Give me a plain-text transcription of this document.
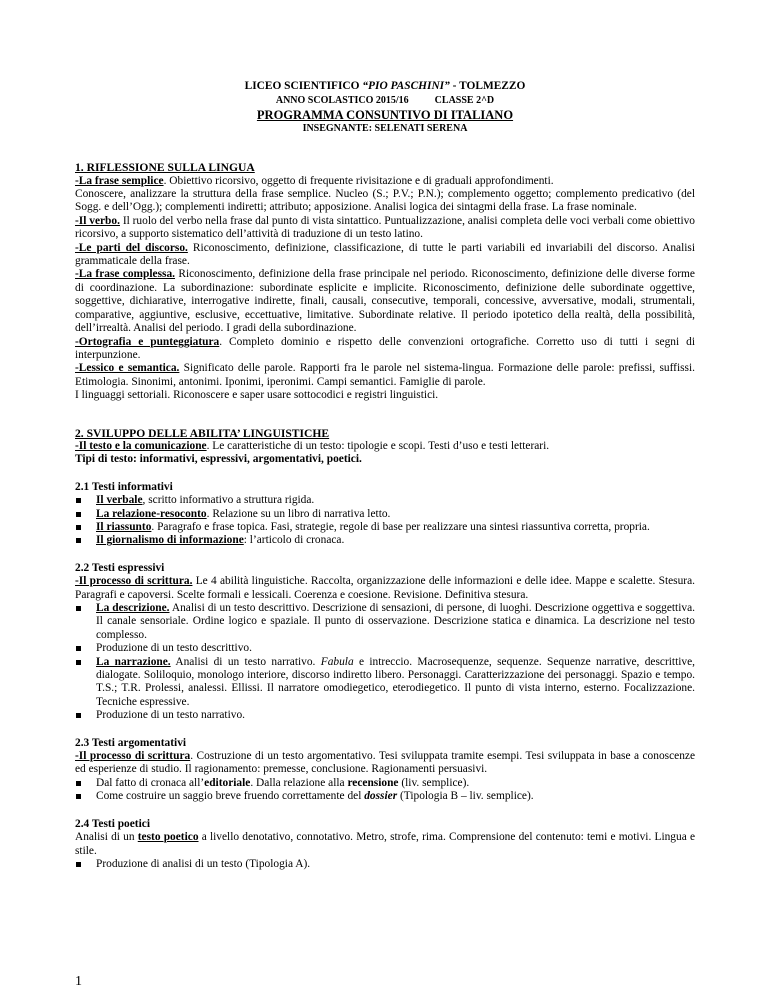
LICEO SCIENTIFICO “PIO PASCHINI” - TOLMEZZO
ANNO SCOLASTICO 2015/16	CLASSE 2^D
PROGRAMMA CONSUNTIVO DI ITALIANO
INSEGNANTE: SELENATI SERENA
1. RIFLESSIONE SULLA LINGUA

-La frase semplice. Obiettivo ricorsivo, oggetto di frequente rivisitazione e di graduali approfondimenti.

Conoscere, analizzare la struttura della frase semplice. Nucleo (S.; P.V.; P.N.); complemento oggetto; complemento predicativo (del Sogg. e dell’Ogg.); complementi indiretti; attributo; apposizione. Analisi logica dei sintagmi della frase. La frase nominale.

-Il verbo. Il ruolo del verbo nella frase dal punto di vista sintattico. Puntualizzazione, analisi completa delle voci verbali come obiettivo ricorsivo, a supporto sistematico dell’attività di traduzione di un testo latino.

-Le parti del discorso. Riconoscimento, definizione, classificazione, di tutte le parti variabili ed invariabili del discorso. Analisi grammaticale della frase.

-La frase complessa. Riconoscimento, definizione della frase principale nel periodo. Riconoscimento, definizione delle diverse forme di coordinazione. La subordinazione: subordinate esplicite e implicite. Riconoscimento, definizione delle subordinate oggettive, soggettive, dichiarative, interrogative indirette, finali, causali, consecutive, temporali, concessive, avversative, modali, strumentali, comparative, aggiuntive, esclusive, eccettuative, limitative. Subordinate relative. Il periodo ipotetico della realtà, della possibilità, dell’irrealtà. Analisi del periodo. I gradi della subordinazione.

-Ortografia e punteggiatura. Completo dominio e rispetto delle convenzioni ortografiche. Corretto uso di tutti i segni di interpunzione.

-Lessico e semantica. Significato delle parole. Rapporti fra le parole nel sistema-lingua. Formazione delle parole: prefissi, suffissi. Etimologia. Sinonimi, antonimi. Iponimi, iperonimi. Campi semantici. Famiglie di parole.

I linguaggi settoriali. Riconoscere e saper usare sottocodici e registri linguistici.

2. SVILUPPO DELLE ABILITA’ LINGUISTICHE

-Il testo e la comunicazione. Le caratteristiche di un testo: tipologie e scopi. Testi d’uso e testi letterari.

Tipi di testo: informativi, espressivi, argomentativi, poetici.

2.1 Testi informativi
Il verbale, scritto informativo a struttura rigida.
La relazione-resoconto. Relazione su un libro di narrativa letto.
Il riassunto. Paragrafo e frase topica. Fasi, strategie, regole di base per realizzare una sintesi riassuntiva corretta, propria.
Il giornalismo di informazione: l’articolo di cronaca.
2.2 Testi espressivi

-Il processo di scrittura. Le 4 abilità linguistiche. Raccolta, organizzazione delle informazioni e delle idee. Mappe e scalette. Stesura. Paragrafi e capoversi. Scelte formali e lessicali. Coerenza e coesione. Revisione. Definitiva stesura.

La descrizione. Analisi di un testo descrittivo. Descrizione di sensazioni, di persone, di luoghi. Descrizione oggettiva e soggettiva. Il canale sensoriale. Ordine logico e spaziale. Il punto di osservazione. Descrizione statica e dinamica. La descrizione nel testo complesso.
Produzione di un testo descrittivo.
La narrazione. Analisi di un testo narrativo. Fabula e intreccio. Macrosequenze, sequenze. Sequenze narrative, descrittive, dialogate. Soliloquio, monologo interiore, discorso indiretto libero. Personaggi. Caratterizzazione dei personaggi. Spazio e tempo. T.S.; T.R. Prolessi, analessi. Ellissi. Il narratore omodiegetico, eterodiegetico. Il punto di vista interno, esterno. Focalizzazione. Tecniche espressive.
Produzione di un testo narrativo.
2.3 Testi argomentativi

-Il processo di scrittura. Costruzione di un testo argomentativo. Tesi sviluppata tramite esempi. Tesi sviluppata in base a conoscenze ed esperienze di studio. Il ragionamento: premesse, conclusione. Ragionamenti persuasivi.

Dal fatto di cronaca all’editoriale. Dalla relazione alla recensione (liv. semplice).
Come costruire un saggio breve fruendo correttamente del dossier (Tipologia B – liv. semplice).
2.4 Testi poetici

Analisi di un testo poetico a livello denotativo, connotativo. Metro, strofe, rima. Comprensione del contenuto: temi e motivi. Lingua e stile.

Produzione di analisi di un testo (Tipologia A).
1
